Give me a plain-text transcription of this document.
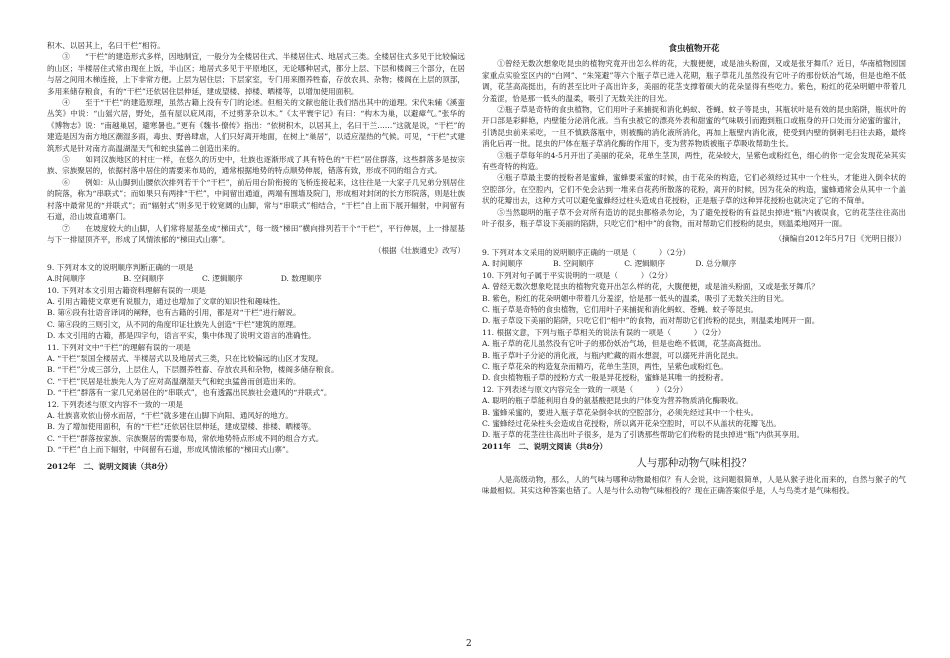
积木、以居其上，名曰干栏”相符。

③　　“干栏”的建造形式多样，因地制宜，一般分为全楼居住式、半楼居住式、地居式三类。全楼居住式多见于比较偏远的山区；半楼居住式常由现在上饭，半山区；地居式多见于平原地区，无论哪种居式，都分上层、下层和楼阁三个部分，在居与居之间用木梯连接，上下非常方便。上层为居住层；下层家室，专门用来圈养牲畜，存放农具、杂物；楼阁在上层的顶部，多用来储存粮食，有的“干栏”还依居住层伸延，建成望楼、掉楼、晒楼等，以增加使用面积。

④　　至于“干栏”的建造原理，虽然古籍上没有专门的论述。但相关的文献也能让我们悟出其中的道理。宋代朱辅《溪蛮丛笑》中说：“山猺穴居，野处，虽有屋以庇风雨，不过剪茅杂以木。”《太平寰宇记》有曰：“构木为巢，以避瘴气。”张华的《博物志》说：“南越巢居，避寒暑也。”更有《魏书·僚传》指出：“依树积木，以居其上，名曰干兰……”这就是说，“干栏”的建造是因为南方地区潮湿多雨，毒虫、野兽肆虐，人们只好离开地面，在树上“巢居”，以适应湿热的气候。可见，“干栏”式建筑形式是针对南方高温湖湿天气和蛇虫猛兽二创造出来的。

⑤　　如同汉族地区的村庄一样，在悠久的历史中，壮族也逐渐形成了具有特色的“干栏”居住群落，这些群落多是按宗族、宗族聚居的，依据村落中居住的需要来布局的，通常根据地势的特点顺势伸展，错落有致，形成不同的组合方式。

⑥　　例如：从山脚到山腰依次排列若干个“干栏”，前后用台阶衔接的飞桥连接起来，这往往是一大家子几兄弟分别居住的院落，称为“串联式”；而如果只有两排“干栏”，中间留出通道，两端有围墙及院门，形成相对封闭的长方形院落，则是壮族村落中最常见的“并联式”；而“辐射式”则多见于较宽阔的山脚，常与“串联式”相结合，“干栏”自上而下展开辐射，中间留有石道，沿山坡直通寨门。

⑦　　在坡度较大的山脚，人们常将屋基垒成“梯田式”，每一级“梯田”横向排列若干个“干栏”，平行伸展，上一排屋基与下一排屋顶齐平，形成了风情浓郁的“梯田式山寨”。

（根据《壮族通史》改写）

9. 下列对本文的说明顺序判断正确的一项是

A.时间顺序　　　　　B. 空间顺序　　　　　C. 逻辑顺序　　　　　D. 数理顺序

10. 下列对本文引用古籍资料理解有误的一项是

A. 引用古籍使文章更有说服力，通过也增加了文章的知识性和趣味性。

B. 第⑥段有壮语音译词的阐释，也有古籍的引用，都是对“干栏”进行解说。

C. 第④段的三则引文，从不同的角度印证壮族先人创造“干栏”建筑的原理。

D. 本文引用的古籍，都是四字句，语言平实，集中体现了说明文语言的准确性。

11. 下列对文中“干栏”的理解有误的一项是

A. “干栏”泵国全楼居式、半楼居式以及地居式三类，只在比较偏远的山区才发现。

B. “干栏”分成三部分，上层住人，下层圈养牲畜、存放农具和杂物，楼阁多储存粮食。

C. “干栏”民居是壮族先人为了应对高温潮湿天气和蛇虫猛兽而创造出来的。

D. “干栏”群落有一家几兄弟居住的“串联式”，也有透露出民族社会遗风的“并联式”。

12. 下列表述与原文内容不一致的一项是

A. 壮族喜欢依山傍水而居，“干栏”就多建在山脚下向阳、通风好的地方。

B. 为了增加使用面积，有的“干栏”还依居住层伸延，建成望楼、排楼、晒楼等。

C. “干栏”群落按家族、宗族聚居的需要布局，常依地势特点形成不同的组合方式。

D. “干栏”自上而下辐射，中间留有石道，形成风情浓郁的“梯田式山寨”。

2012年　二、说明文阅读（共8分）

食虫植物开花

①曾经无数次想象吃昆虫的植物究竟开出怎么样的花，大腹便便，或是油头粉面，又或是张牙舞爪？近日，华南植物园国家重点实验室区内的“白网”、“朱笼避”等六个瓶子草已进入花期，瓶子草花儿虽然没有它叶子的那份妖冶气场，但是也绝不低调，花茎高高挺出，有的甚至比叶子高出许多，美丽的花茎支撑着硕大的花朵显得有些吃力。紫色，粉红的花朵明媚中带着几分羞涩，恰是那一低头的温柔，吸引了无数关注的目光。

②瓶子草是奇特的食虫植物，它们用叶子来捕捉和消化蚂蚁、苍蝇、蚊子等昆虫，其瓶状叶是有效的昆虫陷阱，瓶状叶的开口部是彩鲜艳，内壁能分泌消化液。当有虫被它的漂亮外表和甜蜜的气味吸引而跑到瓶口或瓶身的开口处而分泌蜜的蜜汁，引诱昆虫前来采吃，一旦不慎跌落瓶中，则被酶的消化液所消化，再加上瓶壁内消化液，使受到内壁的倒刺毛扫往去路，最终消化后再一批。昆虫的尸体在瓶子草消化酶的作用下，变为营养物质被瓶子草吸收帮助生长。

③瓶子草每年的4-5月开出了美丽的花朵，花单生茎顶，两性，花朵较大，呈紫色或粉红色，细心的你一定会发现花朵其实有些奇特的构造。

④瓶子草最主要的授粉者是蜜蜂，蜜蜂要采蜜的时候，由于花朵的构造，它们必须经过其中一个柱头，才能进入倒伞状的空腔部分，在空腔内，它们不免会沾到一堆来自花药所散落的花粉，离开的时候，因为花朵的构造，蜜蜂通常会从其中一个盖状的花瓣出去，这种方式可以避免蜜蜂经过柱头造成自花授粉，正是瓶子草的这种异花授粉也就决定了它的不简单。

⑤当然聪明的瓶子草不会对所有造访的昆虫都格杀勿论，为了避免授粉的有益昆虫掉进“瓶”内被误食，它的花茎往往高出叶子很多，瓶子草设下美丽的陷阱，只吃它们“相中”的食物，而对帮助它们授粉的昆虫，则温柔地网开一面。

（摘编自2012年5月7日《光明日报》）

9. 下列对本文采用的说明顺序正确的一项是（　　　）（2分）

A. 时间顺序　　　　B. 空间顺序　　　　C. 逻辑顺序　　　　D. 总分顺序

10. 下列对句子属于平实说明的一项是（　　　）（2分）

A. 曾经无数次想象吃昆虫的植物究竟开出怎么样的花，大腹便便，或是油头粉面，又或是张牙舞爪？

B. 紫色，粉红的花朵明媚中带着几分羞涩，恰是那一低头的温柔，吸引了无数关注的目光。

C. 瓶子草是奇特的食虫植物，它们用叶子来捕捉和消化蚂蚁、苍蝇、蚊子等昆虫。

D. 瓶子草设下美丽的陷阱，只吃它们“相中”的食物，而对帮助它们传粉的昆虫，则温柔地网开一面。

11. 根据文意，下列与瓶子草相关的说法有误的一项是（　　　）（2分）

A. 瓶子草的花儿虽然没有它叶子的那份妖冶气场，但是也绝不低调，花茎高高挺出。

B. 瓶子草叶子分泌的消化液，与瓶内贮藏的雨水想混，可以溺死并消化昆虫。

C. 瓶子草花朵的构造复杂而精巧，花单生茎顶，两性，呈紫色或粉红色。

D. 食虫植物瓶子草的授粉方式一般是异花授粉，蜜蜂是其唯一的授粉者。

12. 下列表述与原文内容完全一致的一项是（　　　）（2分）

A. 聪明的瓶子草能利用自身的氨基酸把昆虫的尸体变为营养物质消化酶吸收。

B. 蜜蜂采蜜的，要进入瓶子草花朵倒伞状的空腔部分，必须先经过其中一个柱头。

C. 蜜蜂经过花朵柱头会造成自花授粉，所以离开花朵空腔时，可以不从盖状的花瓣飞出。

D. 瓶子草的花茎往往高出叶子很多，是为了引诱那些帮助它们传粉的昆虫掉进“瓶”内供其享用。

2011年　二、说明文阅读（共8分）

人与那种动物气味相投？

人是高级动物，那么，人的气味与哪种动物最相似？有人会说，这问题很简单，人是从猴子进化而来的，自然与猴子的气味最相似。其实这种答案也错了。人是与什么动物气味相投的？现在正确答案似乎是，人与鸟类才是气味相投。

2
